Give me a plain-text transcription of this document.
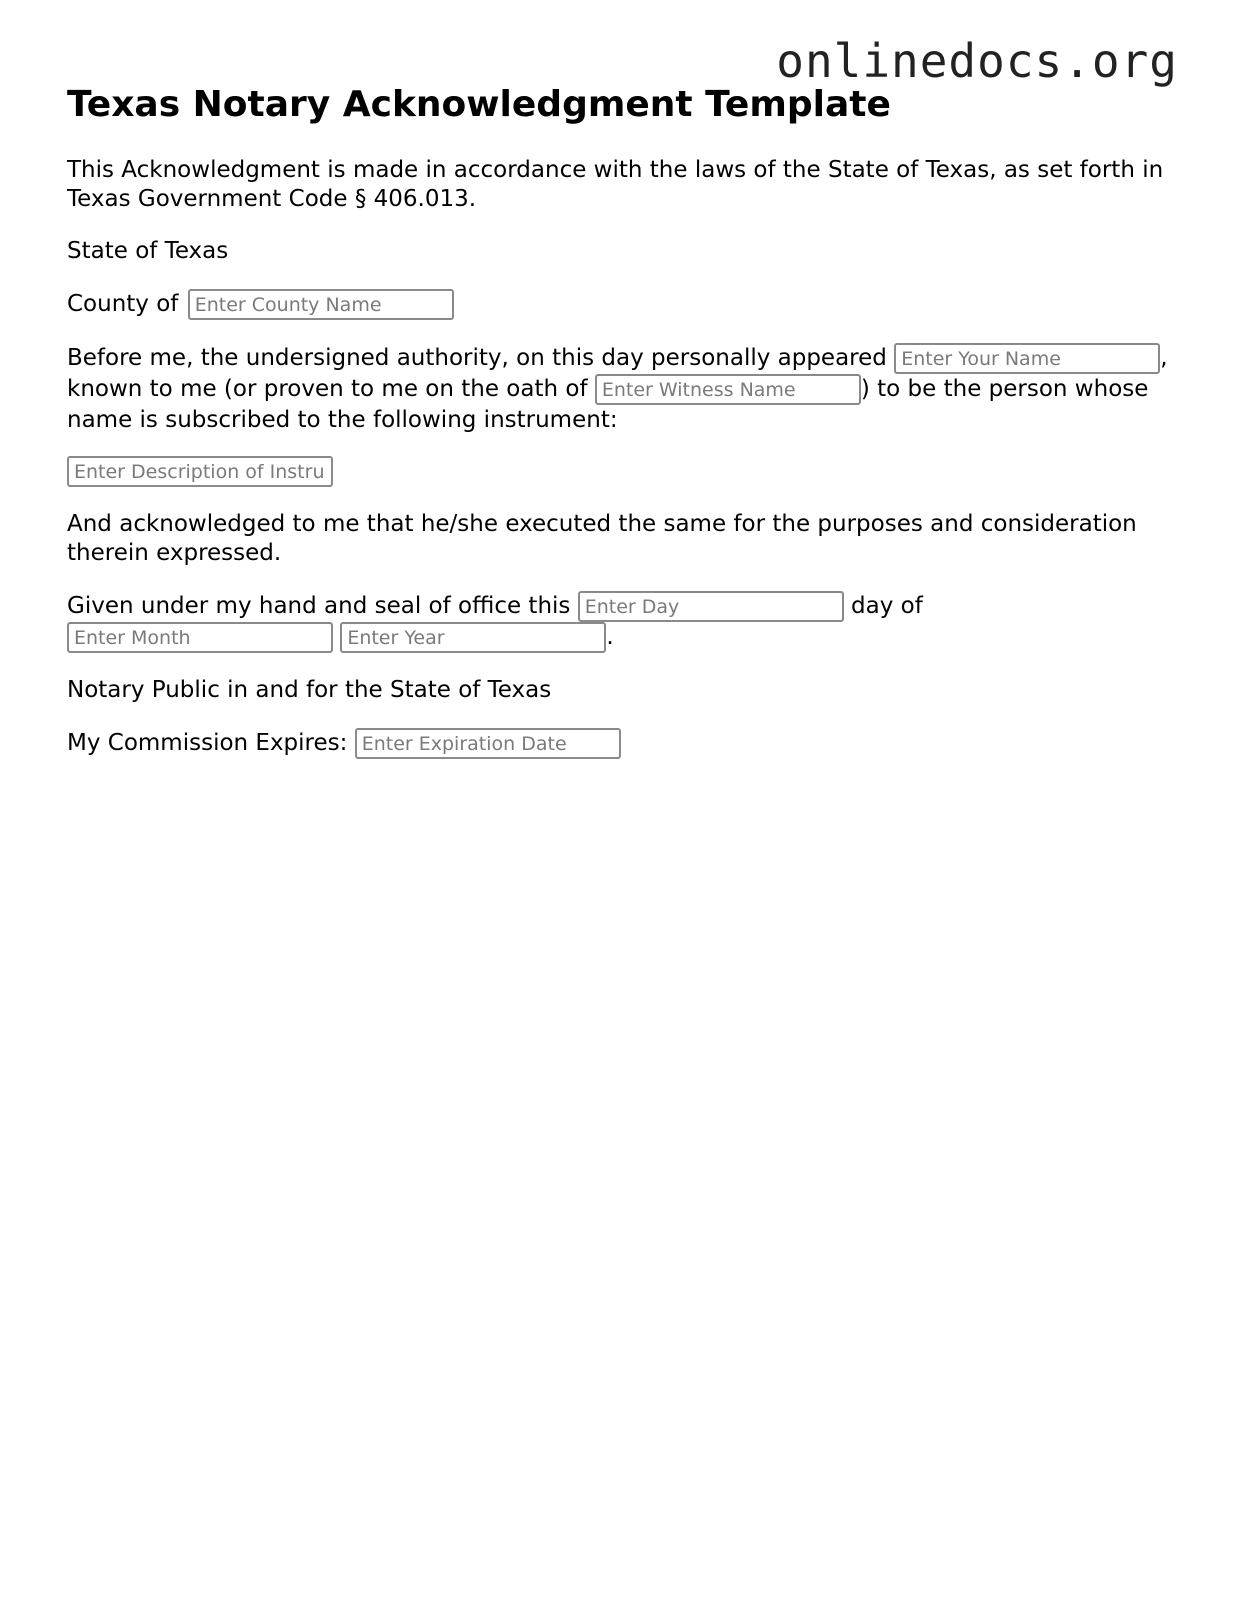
onlinedocs.org
Texas Notary Acknowledgment Template

This Acknowledgment is made in accordance with the laws of the State of Texas, as set forth in Texas Government Code § 406.013.

State of Texas

County of Enter County Name

Before me, the undersigned authority, on this day personally appeared Enter Your Name	, known to me (or proven to me on the oath of Enter Witness Name	) to be the person whose name is subscribed to the following instrument:

Enter Description of Instrument

And acknowledged to me that he/she executed the same for the purposes and consideration therein expressed.

Given under my hand and seal of office this Enter Day	day of Enter Month Enter Year.

Notary Public in and for the State of Texas

My Commission Expires: Enter Expiration Date
